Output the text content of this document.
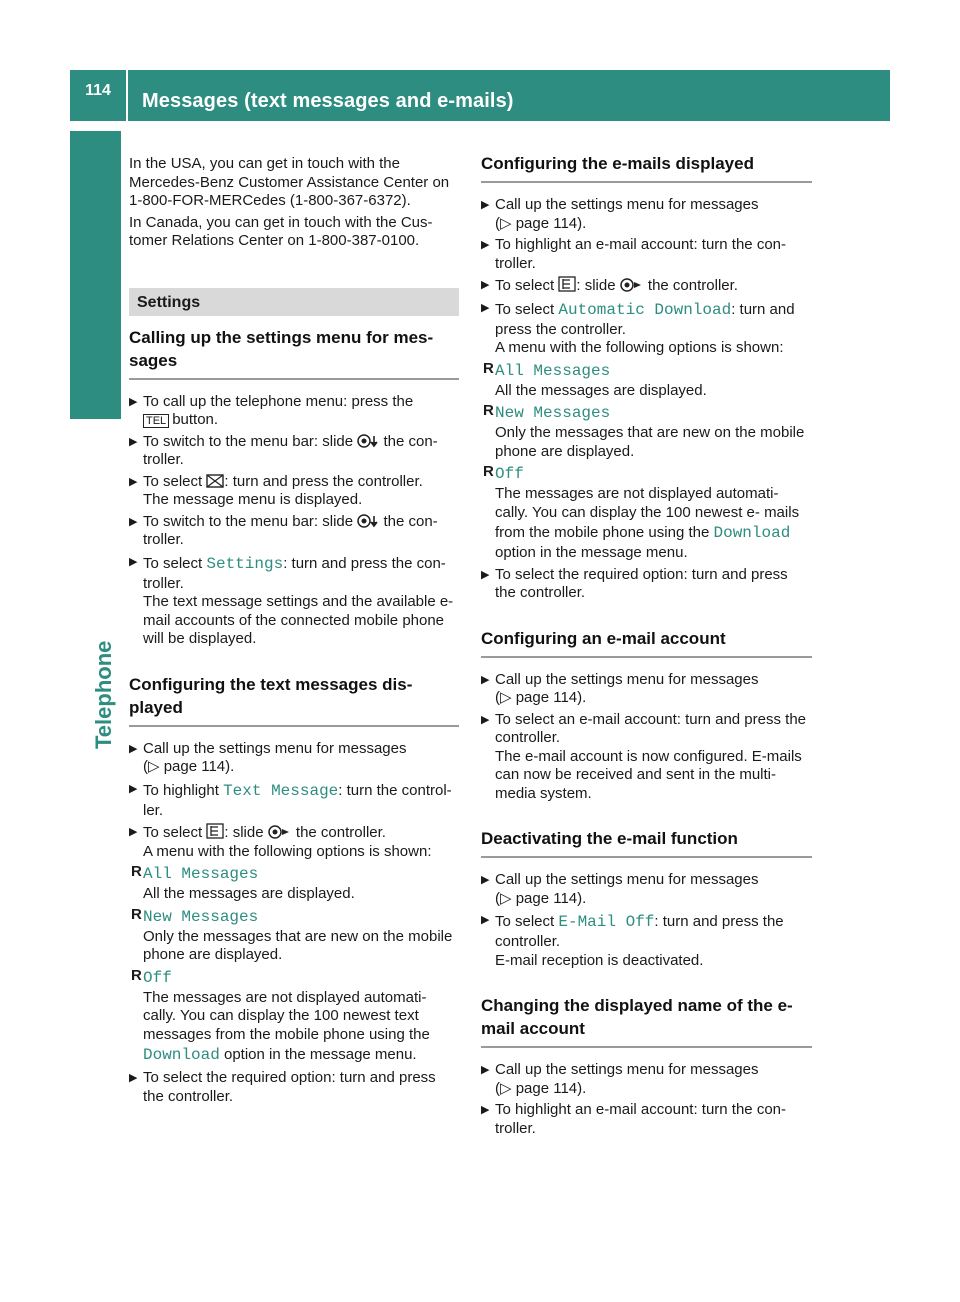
114 Messages (text messages and e-mails)
Telephone

In the USA, you can get in touch with the Mercedes-Benz Customer Assistance Center on 1-800-FOR-MERCedes (1-800-367-6372).

In Canada, you can get in touch with the Cus- tomer Relations Center on 1-800-387-0100.

Settings
Calling up the settings menu for mes- sages
▶ To call up the telephone menu: press the
TEL button.
▶ To switch to the menu bar: slide the con- troller.
▶ To select : turn and press the controller.
The message menu is displayed.
▶ To switch to the menu bar: slide the con- troller.
▶ To select Settings: turn and press the con- troller.
The text message settings and the available e-mail accounts of the connected mobile phone will be displayed.
Configuring the text messages dis- played
▶ Call up the settings menu for messages
(▷ page 114).
▶ To highlight Text Message: turn the control- ler.
▶ To select : slide the controller.
A menu with the following options is shown:
R All Messages
All the messages are displayed.
R New Messages
Only the messages that are new on the mobile phone are displayed.
R Off
The messages are not displayed automati- cally. You can display the 100 newest text messages from the mobile phone using the Download option in the message menu.
▶ To select the required option: turn and press the controller.
Configuring the e-mails displayed
▶ Call up the settings menu for messages
(▷ page 114).
▶ To highlight an e-mail account: turn the con- troller.
▶ To select : slide the controller.
▶ To select Automatic Download: turn and press the controller.
A menu with the following options is shown:
R All Messages
All the messages are displayed.
R New Messages
Only the messages that are new on the mobile phone are displayed.
R Off
The messages are not displayed automati- cally. You can display the 100 newest e- mails from the mobile phone using the Download option in the message menu.
▶ To select the required option: turn and press the controller.
Configuring an e-mail account
▶ Call up the settings menu for messages
(▷ page 114).
▶ To select an e-mail account: turn and press the controller.
The e-mail account is now configured. E-mails can now be received and sent in the multi- media system.
Deactivating the e-mail function
▶ Call up the settings menu for messages
(▷ page 114).
▶ To select E-Mail Off: turn and press the controller.
E-mail reception is deactivated.
Changing the displayed name of the e- mail account
▶ Call up the settings menu for messages
(▷ page 114).
▶ To highlight an e-mail account: turn the con- troller.
